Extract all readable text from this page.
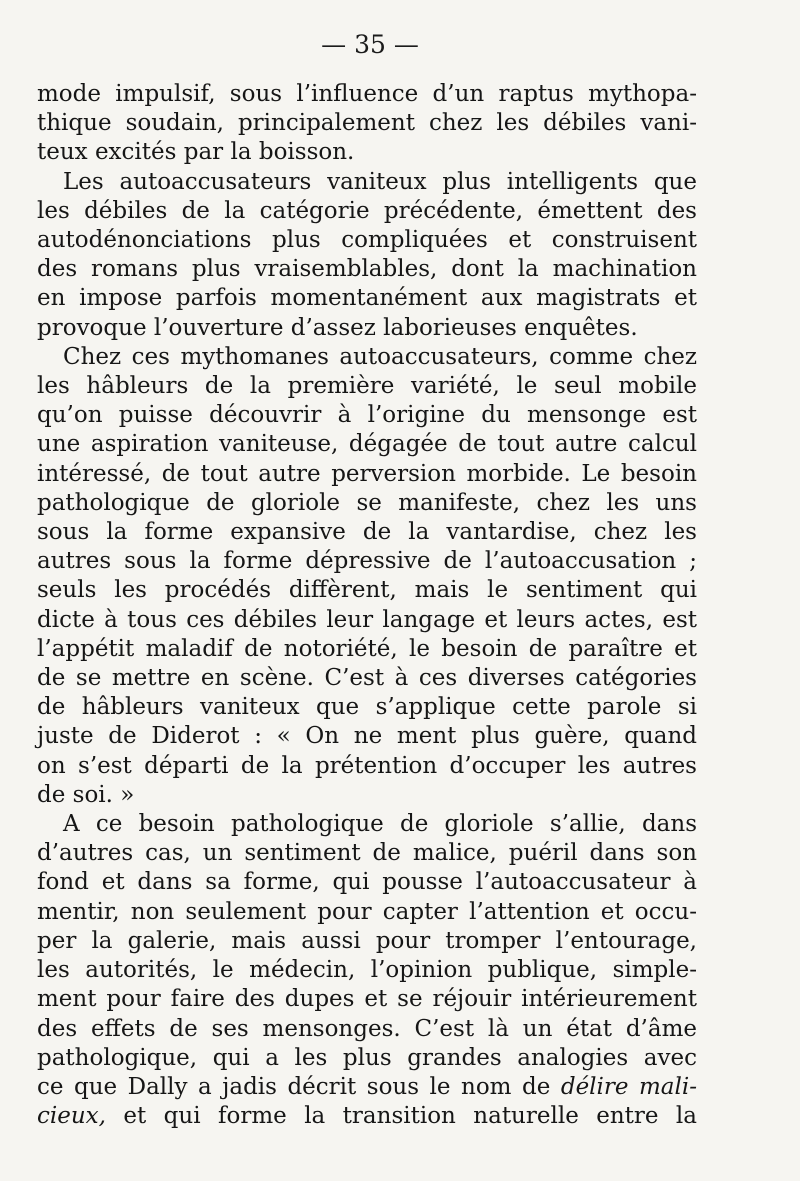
— 35 —
mode impulsif, sous l’influence d’un raptus mythopa-
thique soudain, principalement chez les débiles vani-
teux excités par la boisson.
Les autoaccusateurs vaniteux plus intelligents que
les débiles de la catégorie précédente, émettent des
autodénonciations plus compliquées et construisent
des romans plus vraisemblables, dont la machination
en impose parfois momentanément aux magistrats et
provoque l’ouverture d’assez laborieuses enquêtes.
Chez ces mythomanes autoaccusateurs, comme chez
les hâbleurs de la première variété, le seul mobile
qu’on puisse découvrir à l’origine du mensonge est
une aspiration vaniteuse, dégagée de tout autre calcul
intéressé, de tout autre perversion morbide. Le besoin
pathologique de gloriole se manifeste, chez les uns
sous la forme expansive de la vantardise, chez les
autres sous la forme dépressive de l’autoaccusation ;
seuls les procédés diffèrent, mais le sentiment qui
dicte à tous ces débiles leur langage et leurs actes, est
l’appétit maladif de notoriété, le besoin de paraître et
de se mettre en scène. C’est à ces diverses catégories
de hâbleurs vaniteux que s’applique cette parole si
juste de Diderot : « On ne ment plus guère, quand
on s’est départi de la prétention d’occuper les autres
de soi. »
A ce besoin pathologique de gloriole s’allie, dans
d’autres cas, un sentiment de malice, puéril dans son
fond et dans sa forme, qui pousse l’autoaccusateur à
mentir, non seulement pour capter l’attention et occu-
per la galerie, mais aussi pour tromper l’entourage,
les autorités, le médecin, l’opinion publique, simple-
ment pour faire des dupes et se réjouir intérieurement
des effets de ses mensonges. C’est là un état d’âme
pathologique, qui a les plus grandes analogies avec
ce que Dally a jadis décrit sous le nom de délire mali-
cieux, et qui forme la transition naturelle entre la
